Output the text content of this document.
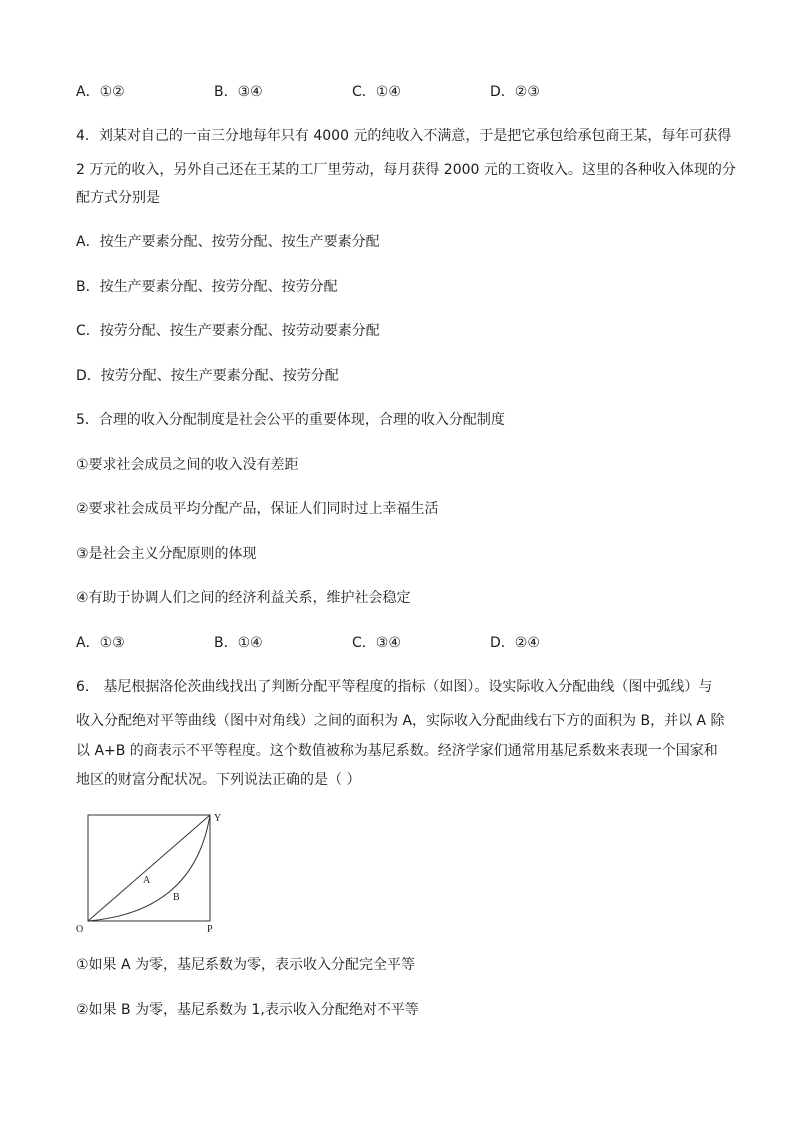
A．①②	B．③④	C．①④	D．②③
4．刘某对自己的一亩三分地每年只有 4000 元的纯收入不满意，于是把它承包给承包商王某，每年可获得
2 万元的收入，另外自己还在王某的工厂里劳动，每月获得 2000 元的工资收入。这里的各种收入体现的分
配方式分别是
A．按生产要素分配、按劳分配、按生产要素分配
B．按生产要素分配、按劳分配、按劳分配
C．按劳分配、按生产要素分配、按劳动要素分配
D．按劳分配、按生产要素分配、按劳分配
5．合理的收入分配制度是社会公平的重要体现，合理的收入分配制度
①要求社会成员之间的收入没有差距
②要求社会成员平均分配产品，保证人们同时过上幸福生活
③是社会主义分配原则的体现
④有助于协调人们之间的经济利益关系，维护社会稳定
A．①③	B．①④	C．③④	D．②④
6． 基尼根据洛伦茨曲线找出了判断分配平等程度的指标（如图）。设实际收入分配曲线（图中弧线）与
收入分配绝对平等曲线（图中对角线）之间的面积为 A，实际收入分配曲线右下方的面积为 B，并以 A 除
以 A+B 的商表示不平等程度。这个数值被称为基尼系数。经济学家们通常用基尼系数来表现一个国家和
地区的财富分配状况。下列说法正确的是（ ）
Y
O	P
A
B
①如果 A 为零，基尼系数为零，表示收入分配完全平等
②如果 B 为零，基尼系数为 1,表示收入分配绝对不平等
